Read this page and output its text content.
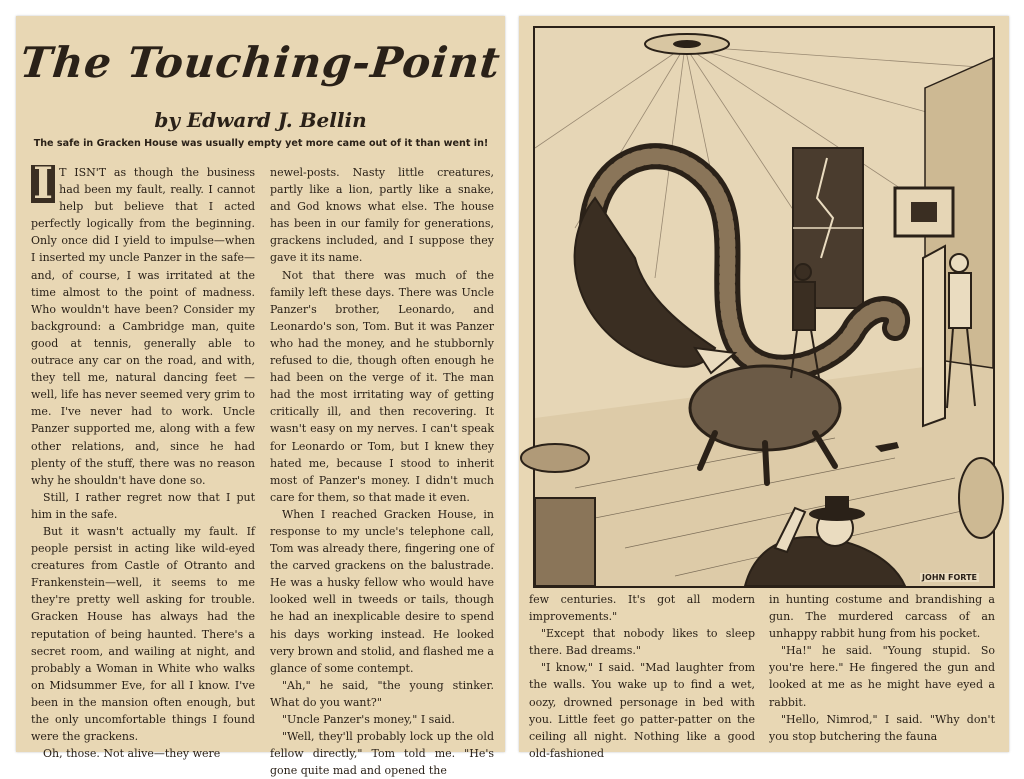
The Touching-Point
by Edward J. Bellin
The safe in Gracken House was usually empty yet more came out of it than went in!

I T ISN'T as though the business had been my fault, really. I cannot help but believe that I acted perfectly logically from the beginning. Only once did I yield to impulse—when I inserted my uncle Panzer in the safe—and, of course, I was irritated at the time almost to the point of madness. Who wouldn't have been? Consider my background: a Cambridge man, quite good at tennis, generally able to outrace any car on the road, and with, they tell me, natural dancing feet — well, life has never seemed very grim to me. I've never had to work. Uncle Panzer supported me, along with a few other relations, and, since he had plenty of the stuff, there was no reason why he shouldn't have done so.

Still, I rather regret now that I put him in the safe.

But it wasn't actually my fault. If people persist in acting like wild-eyed creatures from Castle of Otranto and Frankenstein—well, it seems to me they're pretty well asking for trouble. Gracken House has always had the reputation of being haunted. There's a secret room, and wailing at night, and probably a Woman in White who walks on Midsummer Eve, for all I know. I've been in the mansion often enough, but the only uncomfortable things I found were the grackens.

Oh, those. Not alive—they were

newel-posts. Nasty little creatures, partly like a lion, partly like a snake, and God knows what else. The house has been in our family for generations, grackens included, and I suppose they gave it its name.

Not that there was much of the family left these days. There was Uncle Panzer's brother, Leonardo, and Leonardo's son, Tom. But it was Panzer who had the money, and he stubbornly refused to die, though often enough he had been on the verge of it. The man had the most irritating way of getting critically ill, and then recovering. It wasn't easy on my nerves. I can't speak for Leonardo or Tom, but I knew they hated me, because I stood to inherit most of Panzer's money. I didn't much care for them, so that made it even.

When I reached Gracken House, in response to my uncle's telephone call, Tom was already there, fingering one of the carved grackens on the balustrade. He was a husky fellow who would have looked well in tweeds or tails, though he had an inexplicable desire to spend his days working instead. He looked very brown and stolid, and flashed me a glance of some contempt.

"Ah," he said, "the young stinker. What do you want?"

"Uncle Panzer's money," I said.

"Well, they'll probably lock up the old fellow directly," Tom told me. "He's gone quite mad and opened the

JOHN FORTE

few centuries. It's got all modern improvements."

"Except that nobody likes to sleep there. Bad dreams."

"I know," I said. "Mad laughter from the walls. You wake up to find a wet, oozy, drowned personage in bed with you. Little feet go patter-patter on the ceiling all night. Nothing like a good old-fashioned

in hunting costume and brandishing a gun. The murdered carcass of an unhappy rabbit hung from his pocket.

"Ha!" he said. "Young stupid. So you're here." He fingered the gun and looked at me as he might have eyed a rabbit.

"Hello, Nimrod," I said. "Why don't you stop butchering the fauna
